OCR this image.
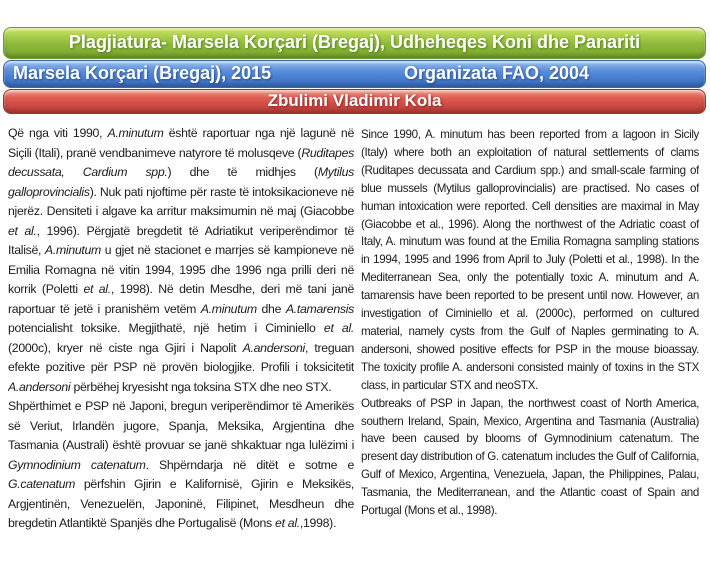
Plagjiatura- Marsela Korçari (Bregaj), Udheheqes Koni dhe Panariti
Marsela Korçari (Bregaj), 2015	Organizata FAO, 2004
Zbulimi Vladimir Kola

Që nga viti 1990, A.minutum është raportuar nga një lagunë në Siçili (Itali), pranë vendbanimeve natyrore të molusqeve (Ruditapes decussata, Cardium spp.) dhe të midhjes (Mytilus galloprovincialis). Nuk pati njoftime për raste të intoksikacioneve në njerëz. Densiteti i algave ka arritur maksimumin në maj (Giacobbe et al., 1996). Përgjatë bregdetit të Adriatikut veriperëndimor të Italisë, A.minutum u gjet në stacionet e marrjes së kampioneve në Emilia Romagna në vitin 1994, 1995 dhe 1996 nga prilli deri në korrik (Poletti et al., 1998). Në detin Mesdhe, deri më tani janë raportuar të jetë i pranishëm vetëm A.minutum dhe A.tamarensis potencialisht toksike. Megjithatë, një hetim i Ciminiello et al. (2000c), kryer në ciste nga Gjiri i Napolit A.andersoni, treguan efekte pozitive për PSP në provën biologjike. Profili i toksicitetit A.andersoni përbëhej kryesisht nga toksina STX dhe neo STX.

Shpërthimet e PSP në Japoni, bregun veriperëndimor të Amerikës së Veriut, Irlandën jugore, Spanja, Meksika, Argjentina dhe Tasmania (Australi) është provuar se janë shkaktuar nga lulëzimi i Gymnodinium catenatum. Shpërndarja në ditët e sotme e G.catenatum përfshin Gjirin e Kalifornisë, Gjirin e Meksikës, Argjentinën, Venezuelën, Japoninë, Filipinet, Mesdheun dhe bregdetin Atlantiktë Spanjës dhe Portugalisë (Mons et al.,1998).

Since 1990, A. minutum has been reported from a lagoon in Sicily (Italy) where both an exploitation of natural settlements of clams (Ruditapes decussata and Cardium spp.) and small-scale farming of blue mussels (Mytilus galloprovincialis) are practised. No cases of human intoxication were reported. Cell densities are maximal in May (Giacobbe et al., 1996). Along the northwest of the Adriatic coast of Italy, A. minutum was found at the Emilia Romagna sampling stations in 1994, 1995 and 1996 from April to July (Poletti et al., 1998). In the Mediterranean Sea, only the potentially toxic A. minutum and A. tamarensis have been reported to be present until now. However, an investigation of Ciminiello et al. (2000c), performed on cultured material, namely cysts from the Gulf of Naples germinating to A. andersoni, showed positive effects for PSP in the mouse bioassay. The toxicity profile A. andersoni consisted mainly of toxins in the STX class, in particular STX and neoSTX.

Outbreaks of PSP in Japan, the northwest coast of North America, southern Ireland, Spain, Mexico, Argentina and Tasmania (Australia) have been caused by blooms of Gymnodinium catenatum. The present day distribution of G. catenatum includes the Gulf of California, Gulf of Mexico, Argentina, Venezuela, Japan, the Philippines, Palau, Tasmania, the Mediterranean, and the Atlantic coast of Spain and Portugal (Mons et al., 1998).
